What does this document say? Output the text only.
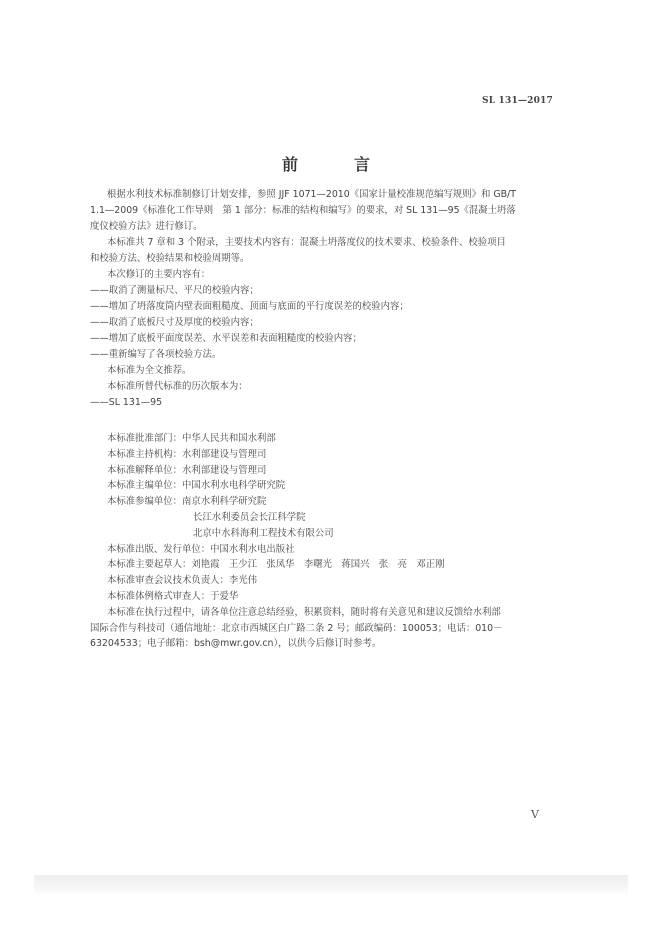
SL 131—2017
前　言

根据水利技术标准制修订计划安排，参照 JJF 1071—2010《国家计量校准规范编写规则》和 GB/T

1.1—2009《标准化工作导则　第 1 部分：标准的结构和编写》的要求，对 SL 131—95《混凝土坍落

度仪校验方法》进行修订。

本标准共 7 章和 3 个附录，主要技术内容有：混凝土坍落度仪的技术要求、校验条件、校验项目

和校验方法、校验结果和校验周期等。

本次修订的主要内容有：

——取消了测量标尺、平尺的校验内容；

——增加了坍落度筒内壁表面粗糙度、顶面与底面的平行度误差的校验内容；

——取消了底板尺寸及厚度的校验内容；

——增加了底板平面度误差、水平误差和表面粗糙度的校验内容；

——重新编写了各项校验方法。

本标准为全文推荐。

本标准所替代标准的历次版本为：

——SL 131—95

本标准批准部门：中华人民共和国水利部
本标准主持机构：水利部建设与管理司
本标准解释单位：水利部建设与管理司
本标准主编单位：中国水利水电科学研究院
本标准参编单位：南京水利科学研究院
长江水利委员会长江科学院
北京中水科海利工程技术有限公司
本标准出版、发行单位：中国水利水电出版社
本标准主要起草人：刘艳霞　王少江　张凤华　李曙光　蒋国兴　张　亮　邓正刚
本标准审查会议技术负责人：李光伟
本标准体例格式审查人：于爱华
本标准在执行过程中，请各单位注意总结经验，积累资料，随时将有关意见和建议反馈给水利部
国际合作与科技司（通信地址：北京市西城区白广路二条 2 号；邮政编码：100053；电话：010－
63204533；电子邮箱：bsh@mwr.gov.cn），以供今后修订时参考。
V
